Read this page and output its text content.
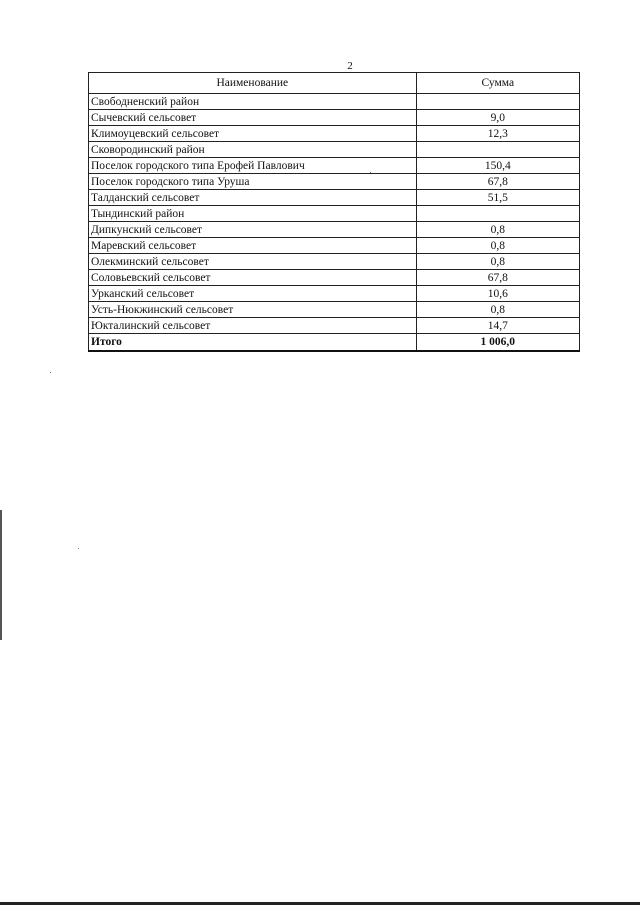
2
Наименование	Сумма
Свободненский район	
Сычевский сельсовет	9,0
Климоуцевский сельсовет	12,3
Сковородинский район	
Поселок городского типа Ерофей Павлович	150,4
Поселок городского типа Уруша	67,8
Талданский сельсовет	51,5
Тындинский район	
Дипкунский сельсовет	0,8
Маревский сельсовет	0,8
Олекминский сельсовет	0,8
Соловьевский сельсовет	67,8
Урканский сельсовет	10,6
Усть-Нюкжинский сельсовет	0,8
Юкталинский сельсовет	14,7
Итого	1 006,0
